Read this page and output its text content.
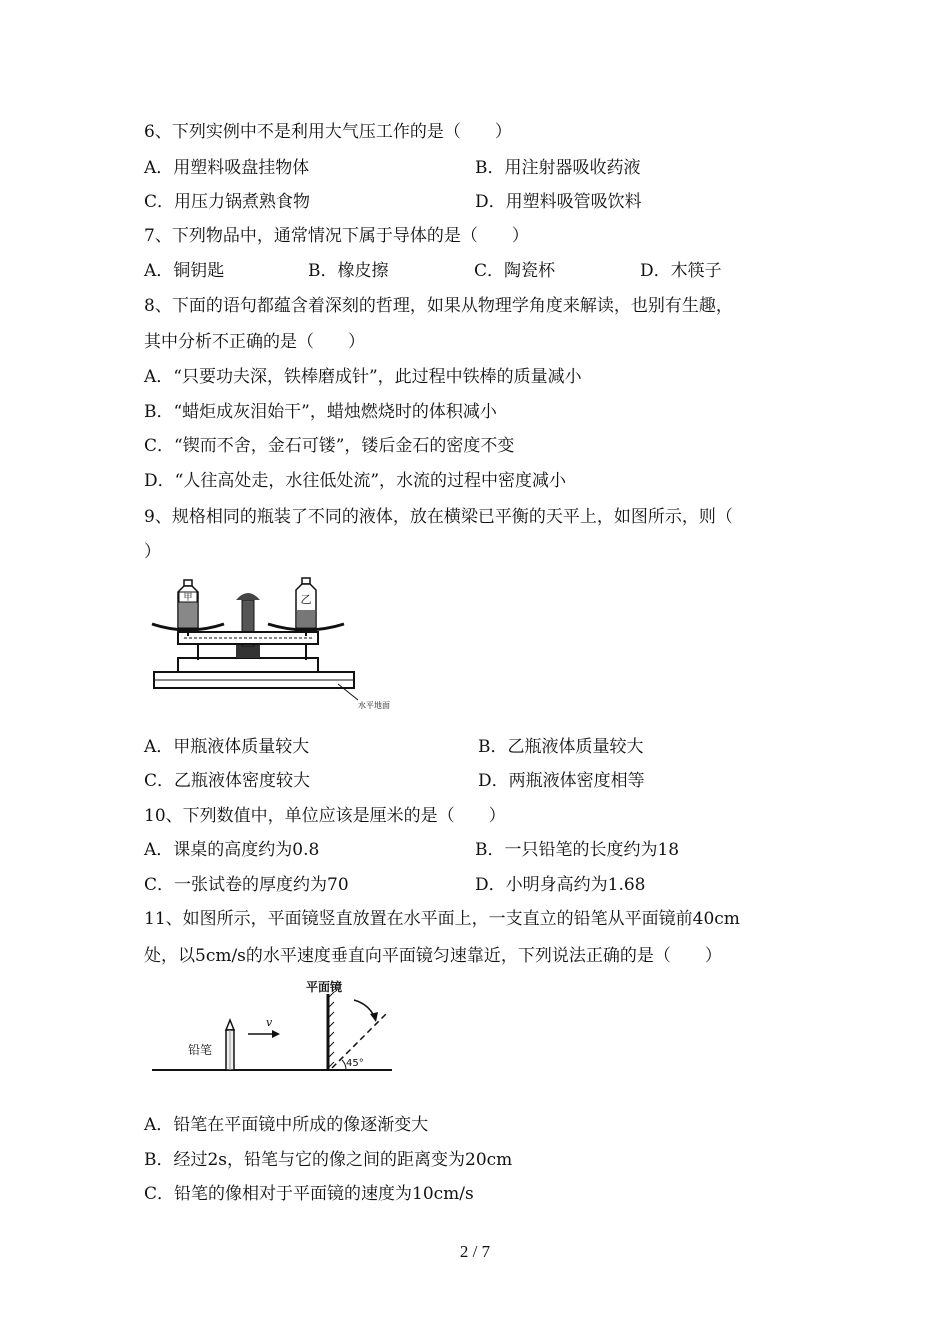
6、下列实例中不是利用大气压工作的是（　　）
A．用塑料吸盘挂物体	B．用注射器吸收药液
C．用压力锅煮熟食物	D．用塑料吸管吸饮料
7、下列物品中，通常情况下属于导体的是（　　）
A．铜钥匙	B．橡皮擦	C．陶瓷杯	D．木筷子
8、下面的语句都蕴含着深刻的哲理，如果从物理学角度来解读，也别有生趣，
其中分析不正确的是（　　）
A．“只要功夫深，铁棒磨成针”，此过程中铁棒的质量减小
B．“蜡炬成灰泪始干”，蜡烛燃烧时的体积减小
C．“锲而不舍，金石可镂”，镂后金石的密度不变
D．“人往高处走，水往低处流”，水流的过程中密度减小
9、规格相同的瓶装了不同的液体，放在横梁已平衡的天平上，如图所示，则（
）
甲	乙
水平地面
A．甲瓶液体质量较大	B．乙瓶液体质量较大
C．乙瓶液体密度较大	D．两瓶液体密度相等
10、下列数值中，单位应该是厘米的是（　　）
A．课桌的高度约为0.8	B．一只铅笔的长度约为18
C．一张试卷的厚度约为70	D．小明身高约为1.68
11、如图所示，平面镜竖直放置在水平面上，一支直立的铅笔从平面镜前40cm
处，以5cm/s的水平速度垂直向平面镜匀速靠近，下列说法正确的是（　　）
铅笔
v
平面镜
45°
A．铅笔在平面镜中所成的像逐渐变大
B．经过2s，铅笔与它的像之间的距离变为20cm
C．铅笔的像相对于平面镜的速度为10cm/s
2 / 7
